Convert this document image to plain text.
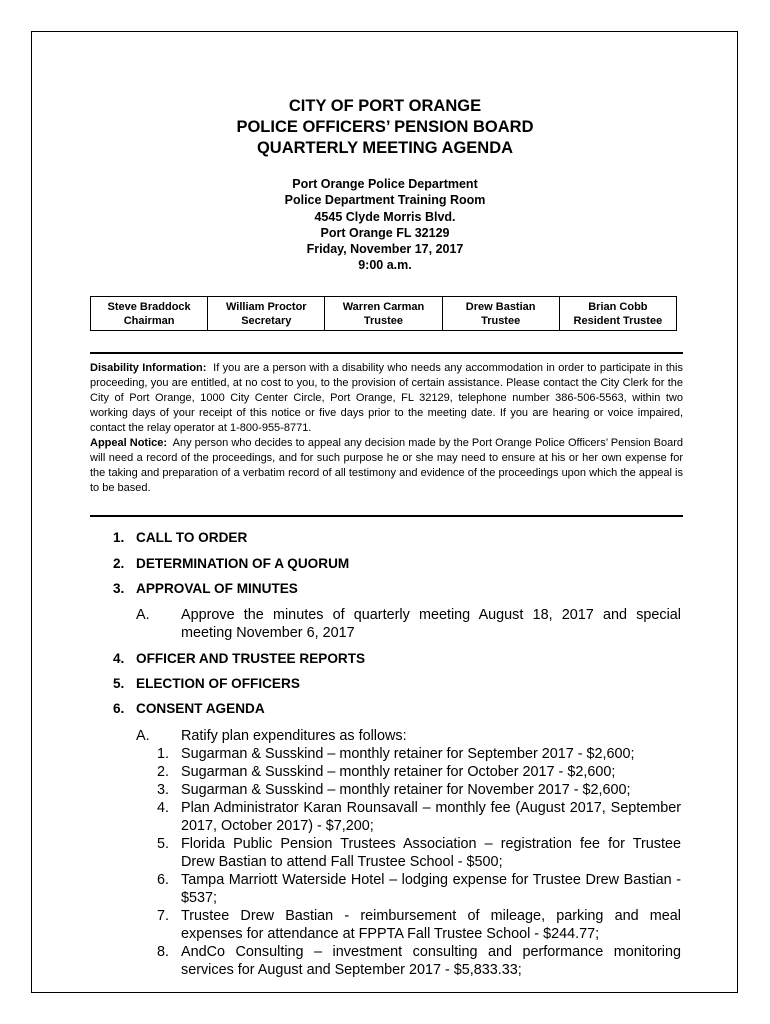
CITY OF PORT ORANGE
POLICE OFFICERS’ PENSION BOARD
QUARTERLY MEETING AGENDA
Port Orange Police Department
Police Department Training Room
4545 Clyde Morris Blvd.
Port Orange FL 32129
Friday, November 17, 2017
9:00 a.m.
Steve Braddock
Chairman

William Proctor
Secretary

Warren Carman
Trustee

Drew Bastian
Trustee

Brian Cobb
Resident Trustee

Disability Information: If you are a person with a disability who needs any accommodation in order to participate in this proceeding, you are entitled, at no cost to you, to the provision of certain assistance. Please contact the City Clerk for the City of Port Orange, 1000 City Center Circle, Port Orange, FL 32129, telephone number 386-506-5563, within two working days of your receipt of this notice or five days prior to the meeting date. If you are hearing or voice impaired, contact the relay operator at 1-800-955-8771.
Appeal Notice: Any person who decides to appeal any decision made by the Port Orange Police Officers’ Pension Board will need a record of the proceedings, and for such purpose he or she may need to ensure at his or her own expense for the taking and preparation of a verbatim record of all testimony and evidence of the proceedings upon which the appeal is to be based.

1. CALL TO ORDER
2. DETERMINATION OF A QUORUM
3. APPROVAL OF MINUTES
A. Approve the minutes of quarterly meeting August 18, 2017 and special meeting November 6, 2017
4. OFFICER AND TRUSTEE REPORTS
5. ELECTION OF OFFICERS
6. CONSENT AGENDA
A. Ratify plan expenditures as follows:
1. Sugarman & Susskind – monthly retainer for September 2017 - $2,600;
2. Sugarman & Susskind – monthly retainer for October 2017 - $2,600;
3. Sugarman & Susskind – monthly retainer for November 2017 - $2,600;
4. Plan Administrator Karan Rounsavall – monthly fee (August 2017, September 2017, October 2017) - $7,200;
5. Florida Public Pension Trustees Association – registration fee for Trustee Drew Bastian to attend Fall Trustee School - $500;
6. Tampa Marriott Waterside Hotel – lodging expense for Trustee Drew Bastian - $537;
7. Trustee Drew Bastian - reimbursement of mileage, parking and meal expenses for attendance at FPPTA Fall Trustee School - $244.77;
8. AndCo Consulting – investment consulting and performance monitoring services for August and September 2017 - $5,833.33;
